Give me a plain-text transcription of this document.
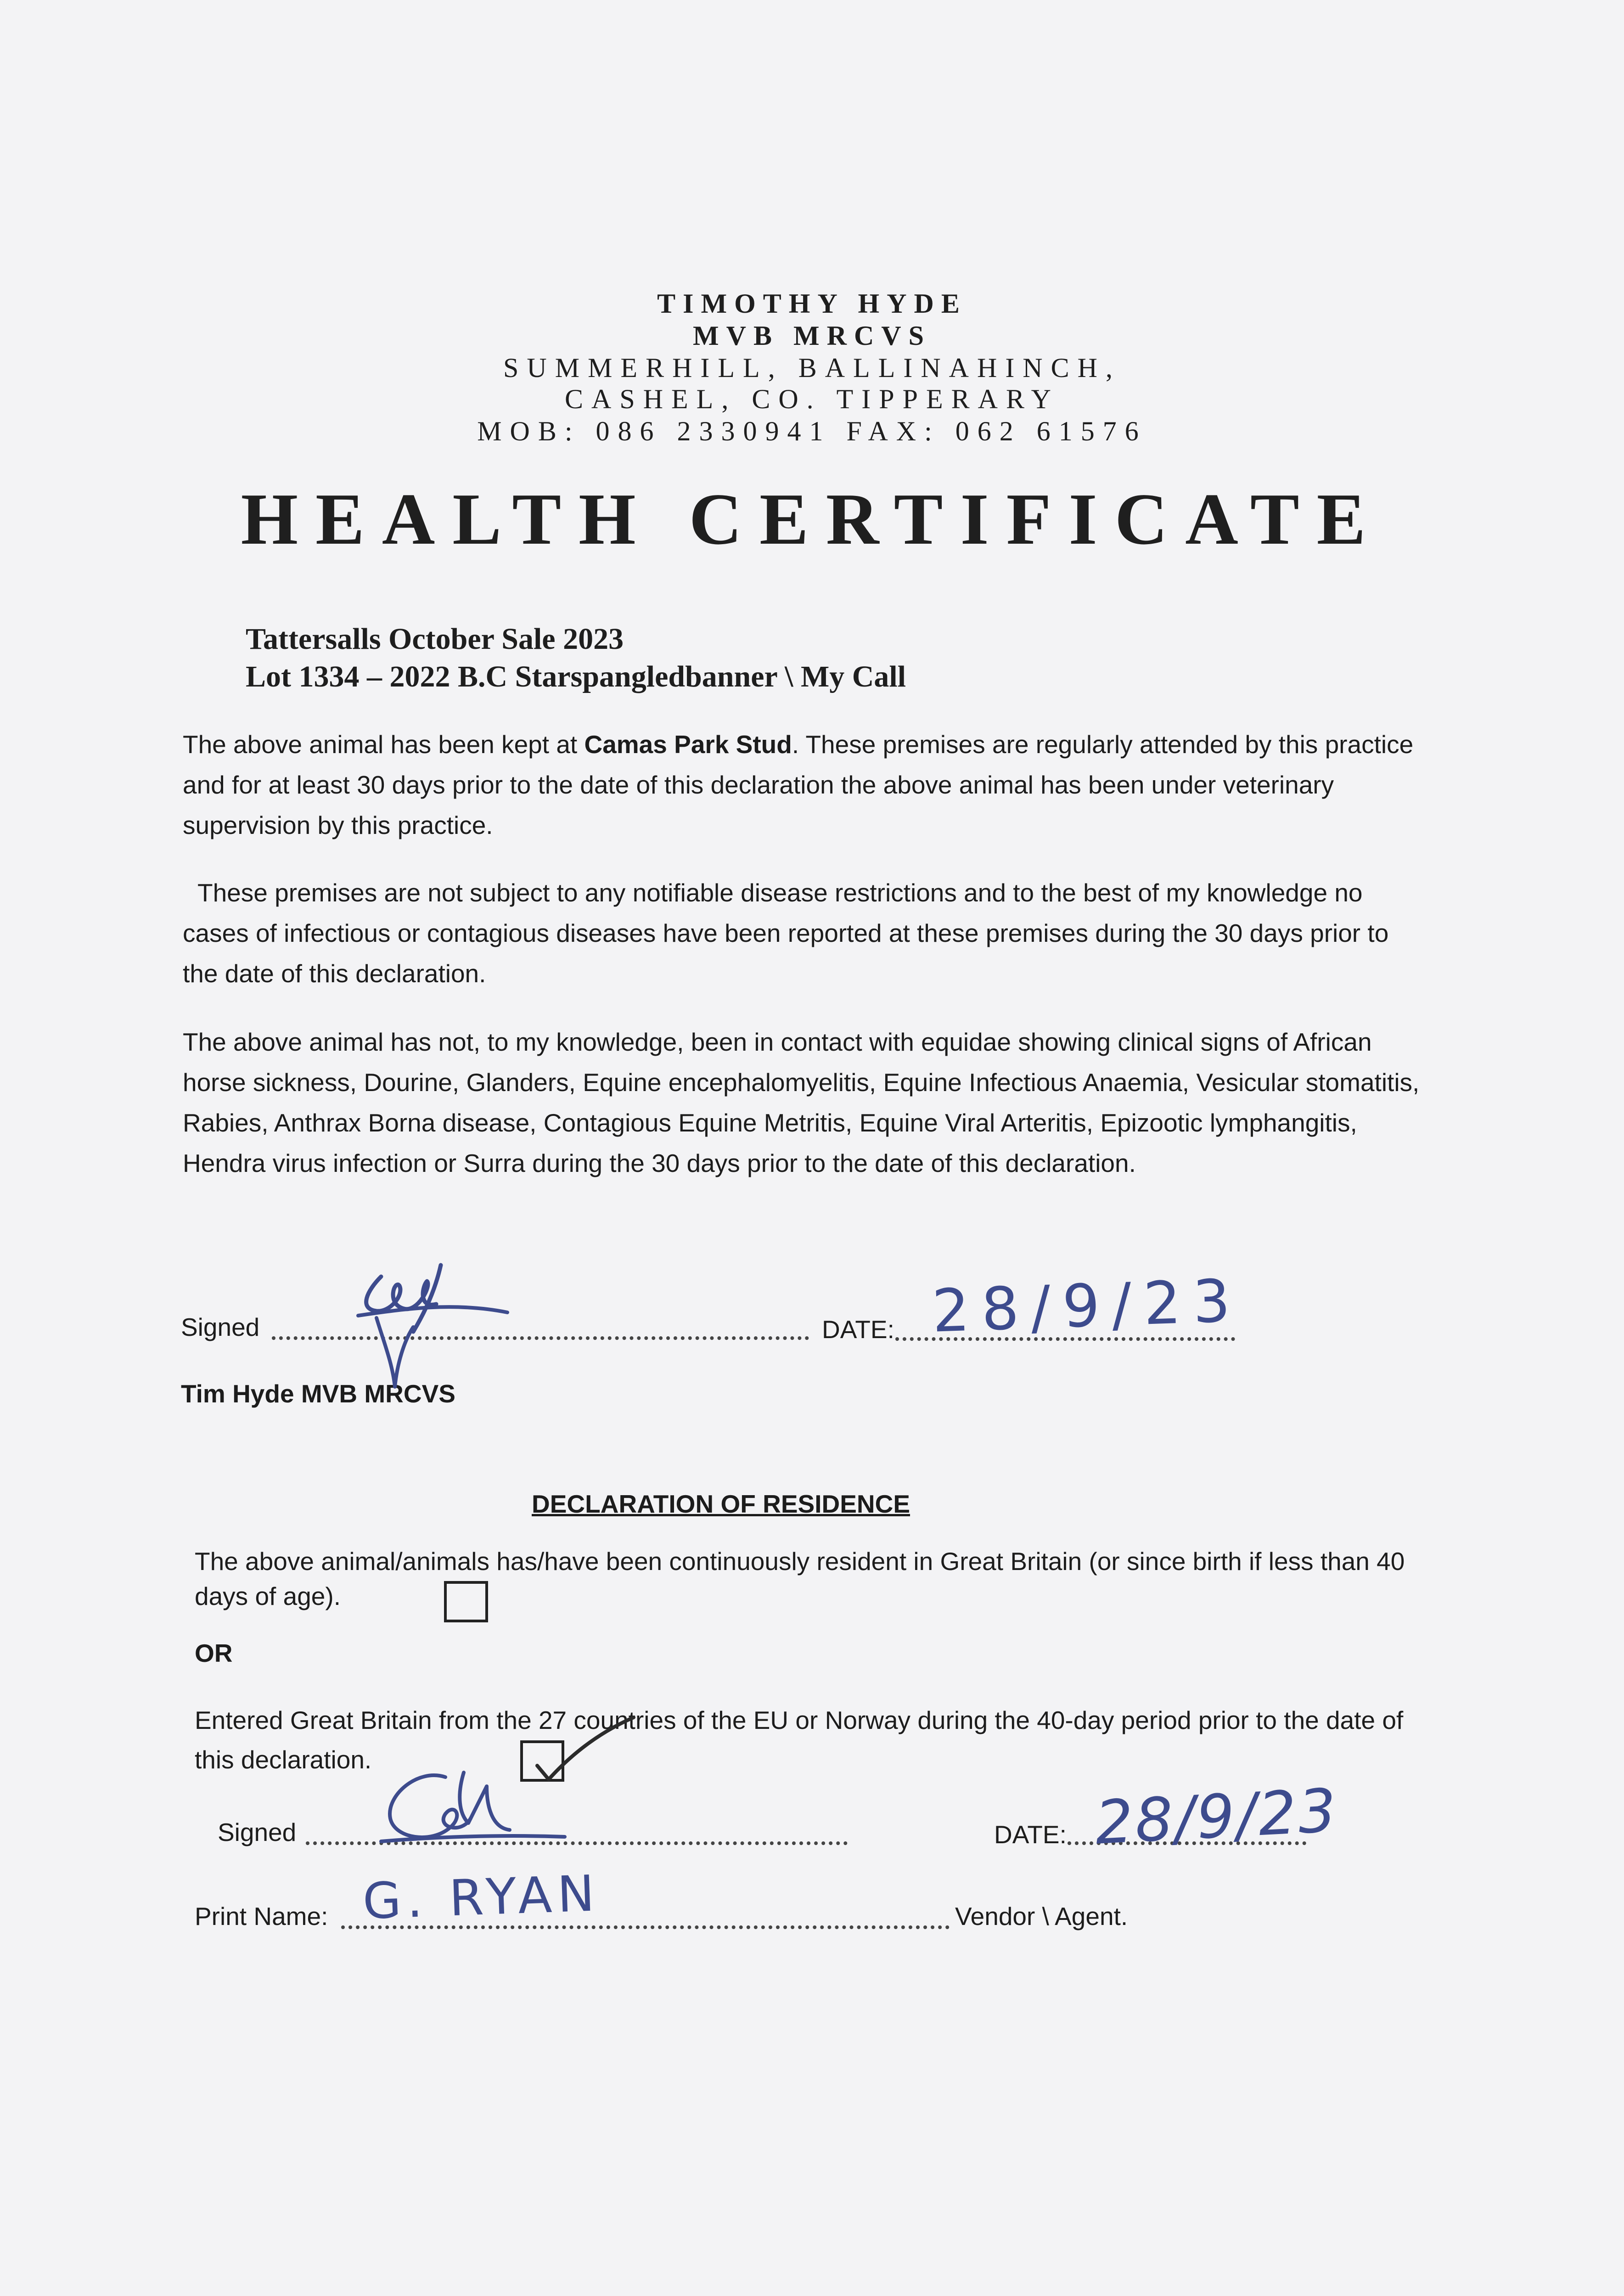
TIMOTHY HYDE
MVB MRCVS
SUMMERHILL, BALLINAHINCH,
CASHEL, CO. TIPPERARY
MOB: 086 2330941 FAX: 062 61576
HEALTH CERTIFICATE
Tattersalls October Sale 2023
Lot 1334 – 2022 B.C Starspangledbanner \ My Call
The above animal has been kept at Camas Park Stud. These premises are regularly attended by this practice and for at least 30 days prior to the date of this declaration the above animal has been under veterinary supervision by this practice.
These premises are not subject to any notifiable disease restrictions and to the best of my knowledge no cases of infectious or contagious diseases have been reported at these premises during the 30 days prior to the date of this declaration.
The above animal has not, to my knowledge, been in contact with equidae showing clinical signs of African horse sickness, Dourine, Glanders, Equine encephalomyelitis, Equine Infectious Anaemia, Vesicular stomatitis, Rabies, Anthrax Borna disease, Contagious Equine Metritis, Equine Viral Arteritis, Epizootic lymphangitis, Hendra virus infection or Surra during the 30 days prior to the date of this declaration.
Signed	DATE:
Tim Hyde MVB MRCVS
28/9/23
DECLARATION OF RESIDENCE
The above animal/animals has/have been continuously resident in Great Britain (or since birth if less than 40 days of age).
OR
Entered Great Britain from the 27 countries of the EU or Norway during the 40-day period prior to the date of this declaration.
Signed	DATE: 28/9/23
Print Name: G. RYAN	Vendor \ Agent.
